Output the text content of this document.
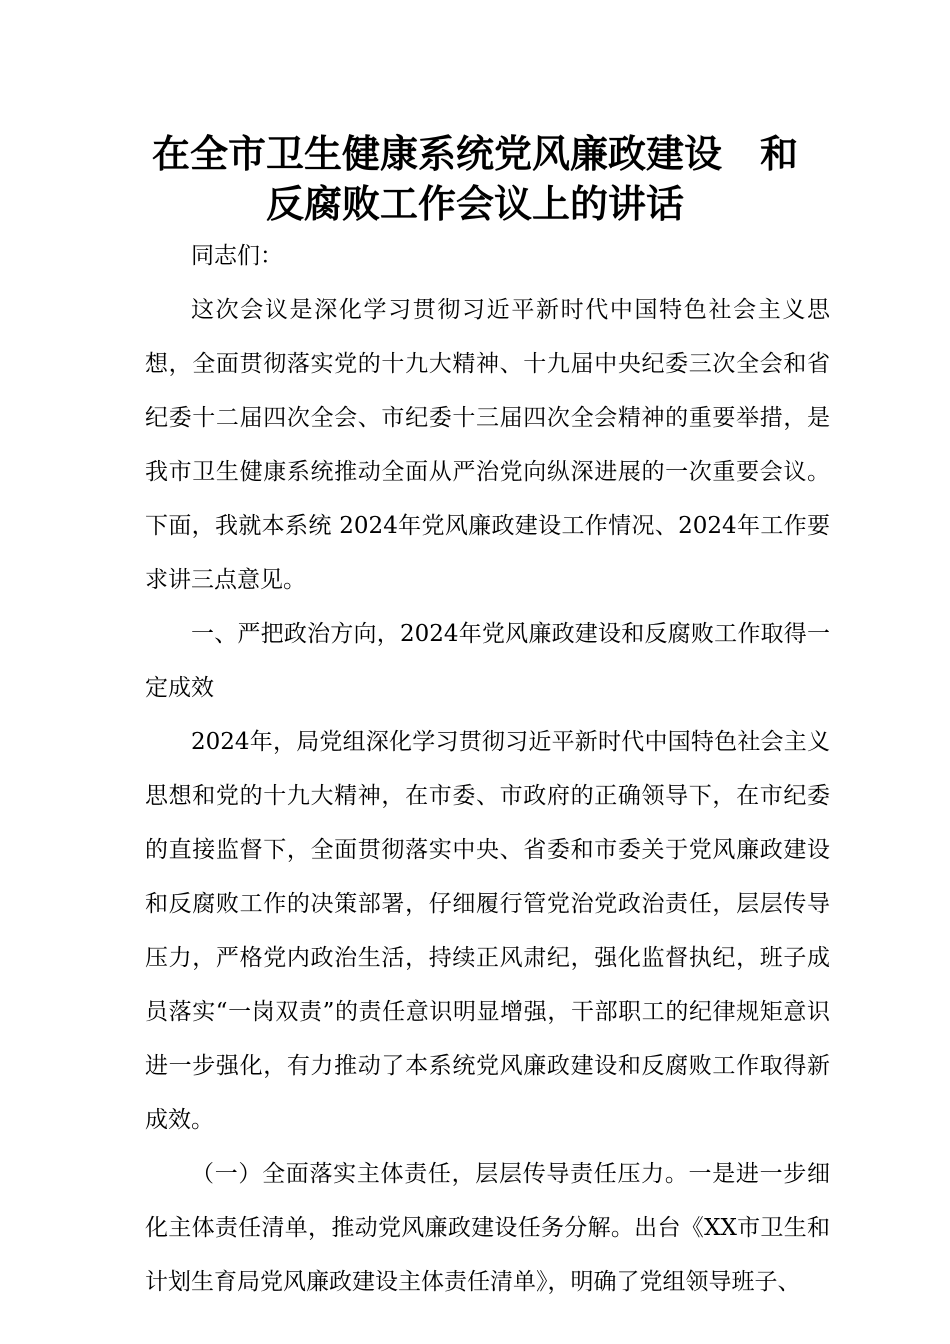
在全市卫生健康系统党风廉政建设 和
反腐败工作会议上的讲话

同志们：

这次会议是深化学习贯彻习近平新时代中国特色社会主义思想，全面贯彻落实党的十九大精神、十九届中央纪委三次全会和省纪委十二届四次全会、市纪委十三届四次全会精神的重要举措，是我市卫生健康系统推动全面从严治党向纵深进展的一次重要会议。下面，我就本系统 2024年党风廉政建设工作情况、2024年工作要求讲三点意见。

一、严把政治方向，2024年党风廉政建设和反腐败工作取得一定成效

2024年，局党组深化学习贯彻习近平新时代中国特色社会主义思想和党的十九大精神，在市委、市政府的正确领导下，在市纪委的直接监督下，全面贯彻落实中央、省委和市委关于党风廉政建设和反腐败工作的决策部署，仔细履行管党治党政治责任，层层传导压力，严格党内政治生活，持续正风肃纪，强化监督执纪，班子成员落实“一岗双责”的责任意识明显增强，干部职工的纪律规矩意识进一步强化，有力推动了本系统党风廉政建设和反腐败工作取得新成效。

（一）全面落实主体责任，层层传导责任压力。一是进一步细化主体责任清单，推动党风廉政建设任务分解。出台《XX市卫生和计划生育局党风廉政建设主体责任清单》，明确了党组领导班子、
